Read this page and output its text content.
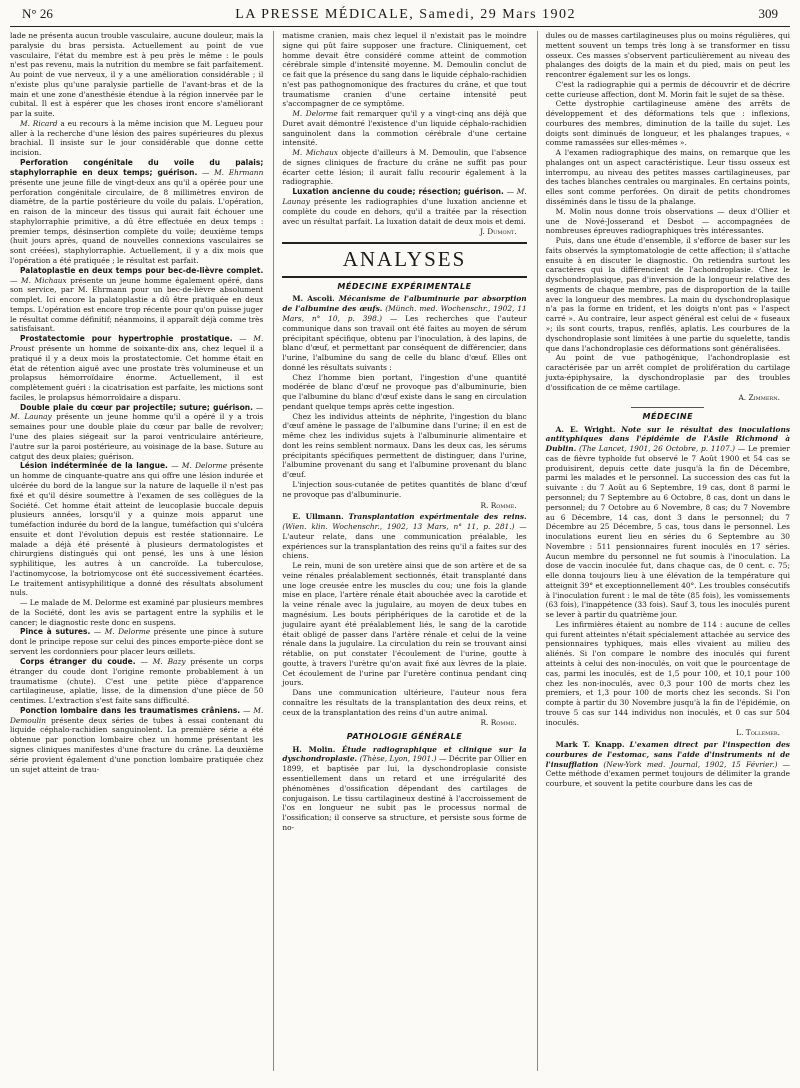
N° 26	LA PRESSE MÉDICALE, Samedi, 29 Mars 1902	309

lade ne présenta aucun trouble vasculaire, aucune douleur, mais la paralysie du bras persista. Actuellement au point de vue vasculaire, l'état du membre est à peu près le même : le pouls n'est pas revenu, mais la nutrition du membre se fait parfaitement. Au point de vue nerveux, il y a une amélioration considérable ; il n'existe plus qu'une paralysie partielle de l'avant-bras et de la main et une zone d'anesthésie étendue à la région innervée par le cubital. Il est à espérer que les choses iront encore s'améliorant par la suite.

M. Ricard a eu recours à la même incision que M. Legueu pour aller à la recherche d'une lésion des paires supérieures du plexus brachial. Il insiste sur le jour considérable que donne cette incision.

Perforation congénitale du voile du palais; staphylorraphie en deux temps; guérison. — M. Ehrmann présente une jeune fille de vingt-deux ans qu'il a opérée pour une perforation congénitale circulaire, de 8 millimètres environ de diamètre, de la partie postérieure du voile du palais. L'opération, en raison de la minceur des tissus qui aurait fait échouer une staphylorraphie primitive, a dû être effectuée en deux temps : premier temps, désinsertion complète du voile; deuxième temps (huit jours après, quand de nouvelles connexions vasculaires se sont créées), staphylorraphie. Actuellement, il y a dix mois que l'opération a été pratiquée ; le résultat est parfait.

Palatoplastie en deux temps pour bec-de-lièvre complet. — M. Michaux présente un jeune homme également opéré, dans son service, par M. Ehrmann pour un bec-de-lièvre absolument complet. Ici encore la palatoplastie a dû être pratiquée en deux temps. L'opération est encore trop récente pour qu'on puisse juger le résultat comme définitif; néanmoins, il apparaît déjà comme très satisfaisant.

Prostatectomie pour hypertrophie prostatique. — M. Proust présente un homme de soixante-dix ans, chez lequel il a pratiqué il y a deux mois la prostatectomie. Cet homme était en état de rétention aiguë avec une prostate très volumineuse et un prolapsus hémorroïdaire énorme. Actuellement, il est complètement guéri : la cicatrisation est parfaite, les mictions sont faciles, le prolapsus hémorroïdaire a disparu.

Double plaie du cœur par projectile; suture; guérison. — M. Launay présente un jeune homme qu'il a opéré il y a trois semaines pour une double plaie du cœur par balle de revolver; l'une des plaies siégeait sur la paroi ventriculaire antérieure, l'autre sur la paroi postérieure, au voisinage de la base. Suture au catgut des deux plaies; guérison.

Lésion indéterminée de la langue. — M. Delorme présente un homme de cinquante-quatre ans qui offre une lésion indurée et ulcérée du bord de la langue sur la nature de laquelle il n'est pas fixé et qu'il désire soumettre à l'examen de ses collègues de la Société. Cet homme était atteint de leucoplasie buccale depuis plusieurs années, lorsqu'il y a quinze mois apparut une tuméfaction indurée du bord de la langue, tuméfaction qui s'ulcéra ensuite et dont l'évolution depuis est restée stationnaire. Le malade a déjà été présenté à plusieurs dermatologistes et chirurgiens distingués qui ont pensé, les uns à une lésion syphilitique, les autres à un cancroïde. La tuberculose, l'actinomycose, la botriomycose ont été successivement écartées. Le traitement antisyphilitique a donné des résultats absolument nuls.

— Le malade de M. Delorme est examiné par plusieurs membres de la Société, dont les avis se partagent entre la syphilis et le cancer; le diagnostic reste donc en suspens.

Pince à sutures. — M. Delorme présente une pince à suture dont le principe repose sur celui des pinces emporte-pièce dont se servent les cordonniers pour placer leurs œillets.

Corps étranger du coude. — M. Bazy présente un corps étranger du coude dont l'origine remonte probablement à un traumatisme (chute). C'est une petite pièce d'apparence cartilagineuse, aplatie, lisse, de la dimension d'une pièce de 50 centimes. L'extraction s'est faite sans difficulté.

Ponction lombaire dans les traumatismes crâniens. — M. Demoulin présente deux séries de tubes à essai contenant du liquide céphalo-rachidien sanguinolent. La première série a été obtenue par ponction lombaire chez un homme présentant les signes cliniques manifestes d'une fracture du crâne. La deuxième série provient également d'une ponction lombaire pratiquée chez un sujet atteint de trau-

matisme cranien, mais chez lequel il n'existait pas le moindre signe qui pût faire supposer une fracture. Cliniquement, cet homme devait être considéré comme atteint de commotion cérébrale simple d'intensité moyenne. M. Demoulin conclut de ce fait que la présence du sang dans le liquide céphalo-rachidien n'est pas pathognomonique des fractures du crâne, et que tout traumatisme cranien d'une certaine intensité peut s'accompagner de ce symptôme.

M. Delorme fait remarquer qu'il y a vingt-cinq ans déjà que Duret avait démontré l'existence d'un liquide céphalo-rachidien sanguinolent dans la commotion cérébrale d'une certaine intensité.

M. Michaux objecte d'ailleurs à M. Demoulin, que l'absence de signes cliniques de fracture du crâne ne suffit pas pour écarter cette lésion; il aurait fallu recourir également à la radiographie.

Luxation ancienne du coude; résection; guérison. — M. Launay présente les radiographies d'une luxation ancienne et complète du coude en dehors, qu'il a traitée par la résection avec un résultat parfait. La luxation datait de deux mois et demi.

J. Dumont.
ANALYSES
MÉDECINE EXPÉRIMENTALE

M. Ascoli. Mécanisme de l'albuminurie par absorption de l'albumine des œufs. (Münch. med. Wochenschr., 1902, 11 Mars, n° 10, p. 398.) — Les recherches que l'auteur communique dans son travail ont été faites au moyen de sérum précipitant spécifique, obtenu par l'inoculation, à des lapins, de blanc d'œuf, et permettant par conséquent de différencier, dans l'urine, l'albumine du sang de celle du blanc d'œuf. Elles ont donné les résultats suivants :

Chez l'homme bien portant, l'ingestion d'une quantité modérée de blanc d'œuf ne provoque pas d'albuminurie, bien que l'albumine du blanc d'œuf existe dans le sang en circulation pendant quelque temps après cette ingestion.

Chez les individus atteints de néphrite, l'ingestion du blanc d'œuf amène le passage de l'albumine dans l'urine; il en est de même chez les individus sujets à l'albuminurie alimentaire et dont les reins semblent normaux. Dans les deux cas, les sérums précipitants spécifiques permettent de distinguer, dans l'urine, l'albumine provenant du sang et l'albumine provenant du blanc d'œuf.

L'injection sous-cutanée de petites quantités de blanc d'œuf ne provoque pas d'albuminurie.

R. Romme.

E. Ullmann. Transplantation expérimentale des reins. (Wien. klin. Wochenschr., 1902, 13 Mars, n° 11, p. 281.) — L'auteur relate, dans une communication préalable, les expériences sur la transplantation des reins qu'il a faites sur des chiens.

Le rein, muni de son uretère ainsi que de son artère et de sa veine rénales préalablement sectionnés, était transplanté dans une loge creusée entre les muscles du cou; une fois la glande mise en place, l'artère rénale était abouchée avec la carotide et la veine rénale avec la jugulaire, au moyen de deux tubes en magnésium. Les bouts périphériques de la carotide et de la jugulaire ayant été préalablement liés, le sang de la carotide était obligé de passer dans l'artère rénale et celui de la veine rénale dans la jugulaire. La circulation du rein se trouvant ainsi rétablie, on put constater l'écoulement de l'urine, goutte à goutte, à travers l'urètre qu'on avait fixé aux lèvres de la plaie. Cet écoulement de l'urine par l'uretère continua pendant cinq jours.

Dans une communication ultérieure, l'auteur nous fera connaître les résultats de la transplantation des deux reins, et ceux de la transplantation des reins d'un autre animal.

R. Romme.
PATHOLOGIE GÉNÉRALE

H. Molin. Étude radiographique et clinique sur la dyschondroplasie. (Thèse, Lyon, 1901.) — Décrite par Ollier en 1899, et baptisée par lui, la dyschondroplasie consiste essentiellement dans un retard et une irrégularité des phénomènes d'ossification dépendant des cartilages de conjugaison. Le tissu cartilagineux destiné à l'accroissement de l'os en longueur ne subit pas le processus normal de l'ossification; il conserve sa structure, et persiste sous forme de no-

dules ou de masses cartilagineuses plus ou moins régulières, qui mettent souvent un temps très long à se transformer en tissu osseux. Ces masses s'observent particulièrement au niveau des phalanges des doigts de la main et du pied, mais on peut les rencontrer également sur les os longs.

C'est la radiographie qui a permis de découvrir et de décrire cette curieuse affection, dont M. Morin fait le sujet de sa thèse.

Cette dystrophie cartilagineuse amène des arrêts de développement et des déformations tels que : inflexions, courbures des membres, diminution de la taille du sujet. Les doigts sont diminués de longueur, et les phalanges trapues, « comme ramassées sur elles-mêmes ».

A l'examen radiographique des mains, on remarque que les phalanges ont un aspect caractéristique. Leur tissu osseux est interrompu, au niveau des petites masses cartilagineuses, par des taches blanches centrales ou marginales. En certains points, elles sont comme perforées. On dirait de petits chondromes disséminés dans le tissu de la phalange.

M. Molin nous donne trois observations — deux d'Ollier et une de Nové-Josserand et Desbot — accompagnées de nombreuses épreuves radiographiques très intéressantes.

Puis, dans une étude d'ensemble, il s'efforce de baser sur les faits observés la symptomatologie de cette affection; il s'attache ensuite à en discuter le diagnostic. On retiendra surtout les caractères qui la différencient de l'achondroplasie. Chez le dyschondroplasique, pas d'inversion de la longueur relative des segments de chaque membre, pas de disproportion de la taille avec la longueur des membres. La main du dyschondroplasique n'a pas la forme en trident, et les doigts n'ont pas « l'aspect carré ». Au contraire, leur aspect général est celui de « fuseaux »; ils sont courts, trapus, renflés, aplatis. Les courbures de la dyschondroplasie sont limitées à une partie du squelette, tandis que dans l'achondroplasie ces déformations sont généralisées.

Au point de vue pathogénique, l'achondroplasie est caractérisée par un arrêt complet de prolifération du cartilage juxta-épiphysaire, la dyschondroplasie par des troubles d'ossification de ce même cartilage.

A. Zimmern.
MÉDECINE

A. E. Wright. Note sur le résultat des inoculations antityphiques dans l'épidémie de l'Asile Richmond à Dublin. (The Lancet, 1901, 26 Octobre, p. 1107.) — Le premier cas de fièvre typhoïde fut observé le 7 Août 1900 et 54 cas se produisirent, depuis cette date jusqu'à la fin de Décembre, parmi les malades et le personnel. La succession des cas fut la suivante : du 7 Août au 6 Septembre, 19 cas, dont 8 parmi le personnel; du 7 Septembre au 6 Octobre, 8 cas, dont un dans le personnel; du 7 Octobre au 6 Novembre, 8 cas; du 7 Novembre au 6 Décembre, 14 cas, dont 3 dans le personnel; du 7 Décembre au 25 Décembre, 5 cas, tous dans le personnel. Les inoculations eurent lieu en séries du 6 Septembre au 30 Novembre : 511 pensionnaires furent inoculés en 17 séries. Aucun membre du personnel ne fut soumis à l'inoculation. La dose de vaccin inoculée fut, dans chaque cas, de 0 cent. c. 75; elle donna toujours lieu à une élévation de la température qui atteignit 39° et exceptionnellement 40°. Les troubles consécutifs à l'inoculation furent : le mal de tête (85 fois), les vomissements (63 fois), l'inappétence (33 fois). Sauf 3, tous les inoculés purent se lever à partir du quatrième jour.

Les infirmières étaient au nombre de 114 : aucune de celles qui furent atteintes n'était spécialement attachée au service des pensionnaires typhiques, mais elles vivaient au milieu des aliénés. Si l'on compare le nombre des inoculés qui furent atteints à celui des non-inoculés, on voit que le pourcentage de cas, parmi les inoculés, est de 1,5 pour 100, et 10,1 pour 100 chez les non-inoculés, avec 0,3 pour 100 de morts chez les premiers, et 1,3 pour 100 de morts chez les seconds. Si l'on compte à partir du 30 Novembre jusqu'à la fin de l'épidémie, on trouve 5 cas sur 144 individus non inoculés, et 0 cas sur 504 inoculés.

L. Tollemer.

Mark T. Knapp. L'examen direct par l'inspection des courbures de l'estomac, sans l'aide d'instruments ni de l'insufflation (New-York med. Journal, 1902, 15 Février.) — Cette méthode d'examen permet toujours de délimiter la grande courbure, et souvent la petite courbure dans les cas de
